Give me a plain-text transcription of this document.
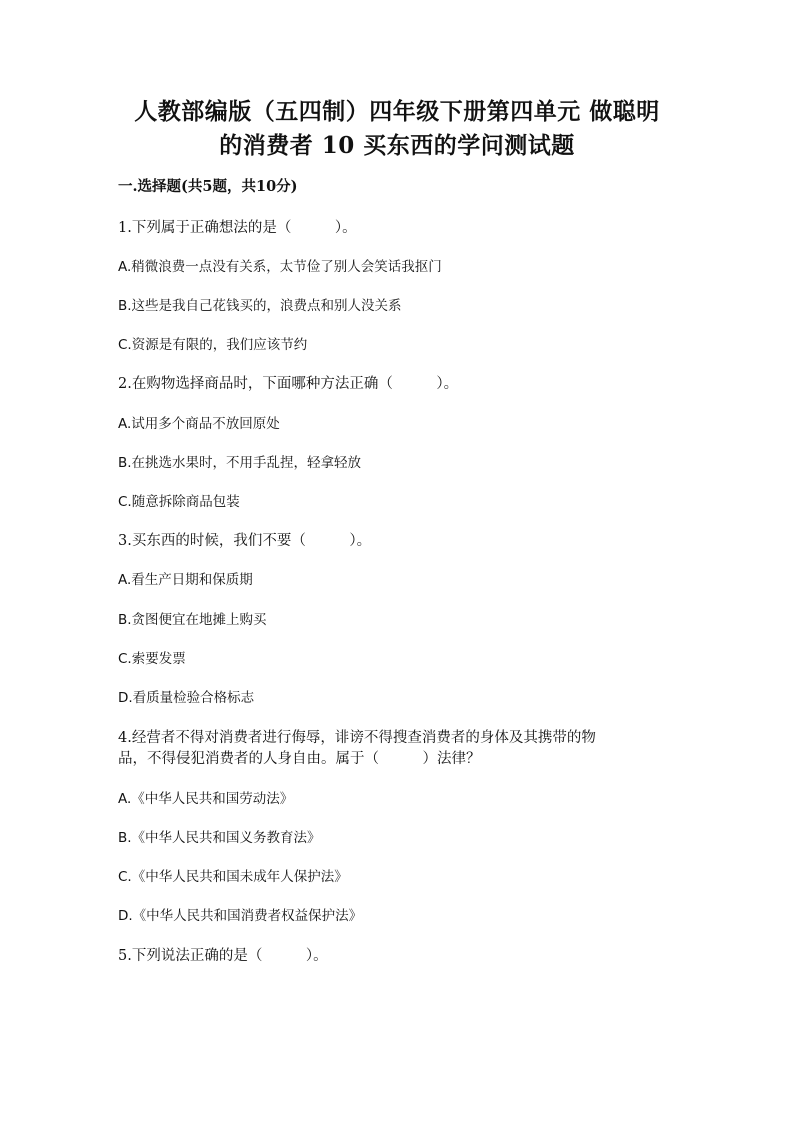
人教部编版（五四制）四年级下册第四单元 做聪明
的消费者 10 买东西的学问测试题
一.选择题(共5题，共10分)
1.下列属于正确想法的是（　　　）。
A.稍微浪费一点没有关系，太节俭了别人会笑话我抠门
B.这些是我自己花钱买的，浪费点和别人没关系
C.资源是有限的，我们应该节约
2.在购物选择商品时，下面哪种方法正确（　　　）。
A.试用多个商品不放回原处
B.在挑选水果时，不用手乱捏，轻拿轻放
C.随意拆除商品包装
3.买东西的时候，我们不要（　　　）。
A.看生产日期和保质期
B.贪图便宜在地摊上购买
C.索要发票
D.看质量检验合格标志
4.经营者不得对消费者进行侮辱，诽谤不得搜查消费者的身体及其携带的物
品，不得侵犯消费者的人身自由。属于（　　　）法律？
A.《中华人民共和国劳动法》
B.《中华人民共和国义务教育法》
C.《中华人民共和国未成年人保护法》
D.《中华人民共和国消费者权益保护法》
5.下列说法正确的是（　　　）。
